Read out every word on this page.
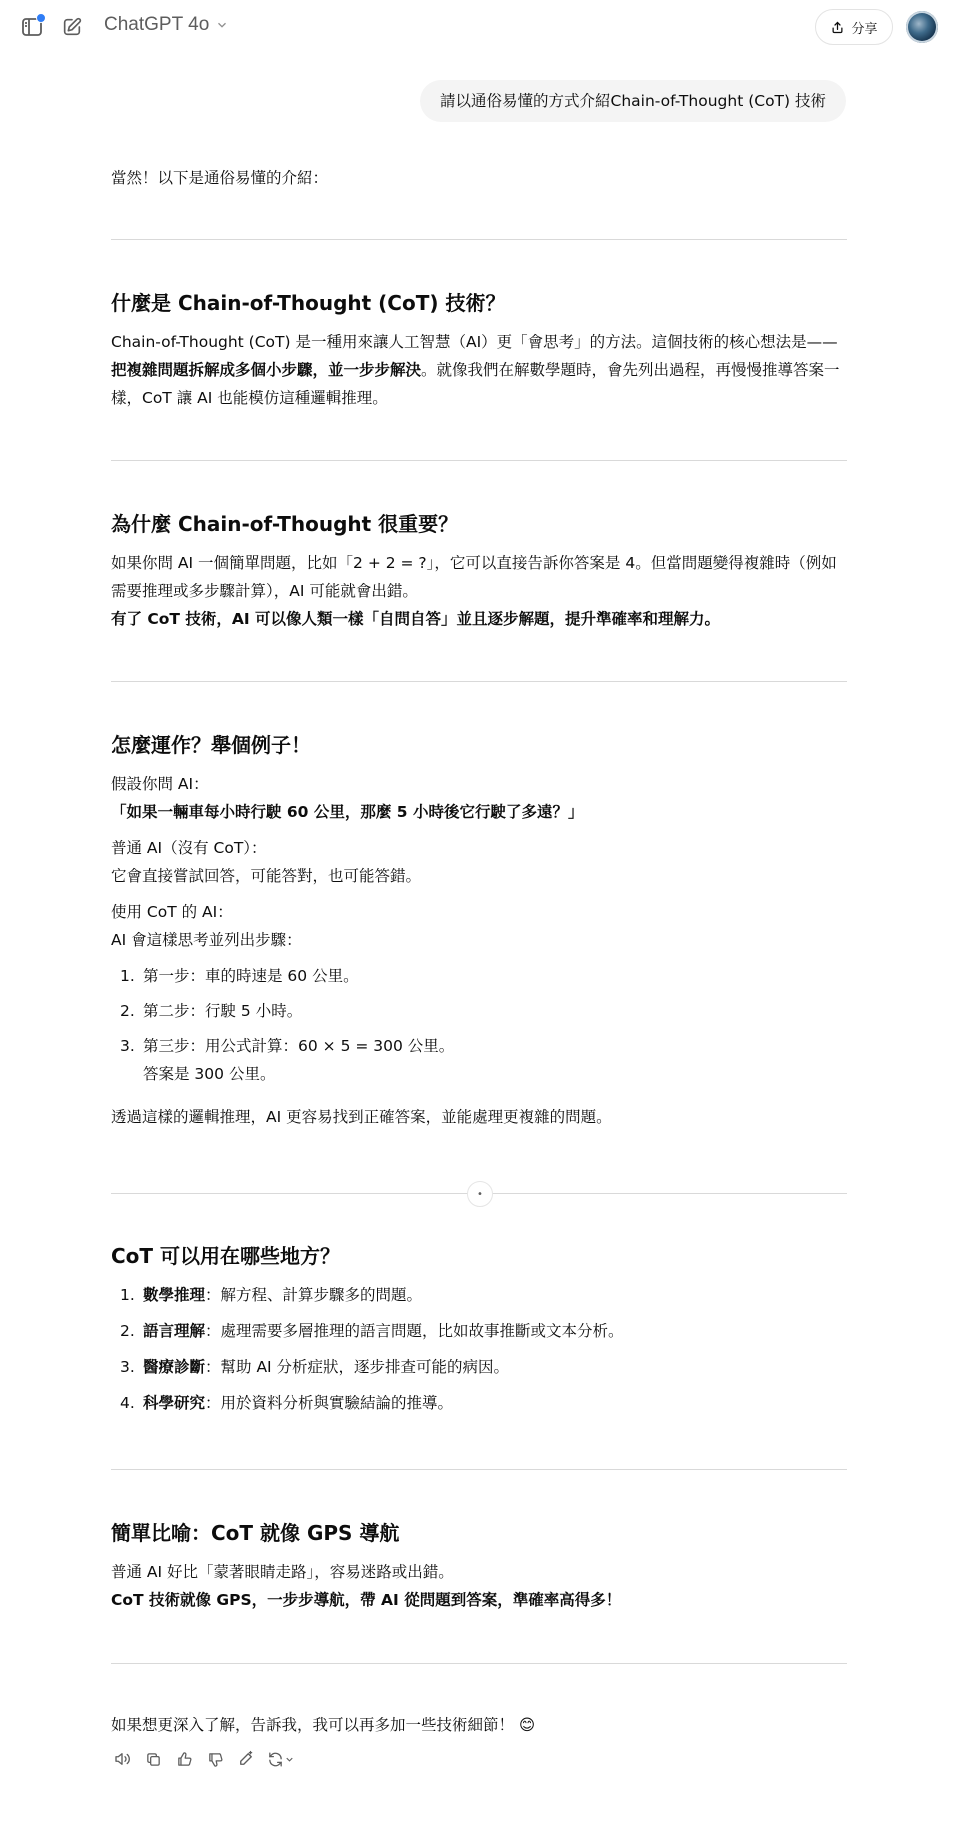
ChatGPT 4o	分享
請以通俗易懂的方式介紹Chain-of-Thought (CoT) 技術

當然！以下是通俗易懂的介紹：

什麼是 Chain-of-Thought (CoT) 技術？

Chain-of-Thought (CoT) 是一種用來讓人工智慧（AI）更「會思考」的方法。這個技術的核心想法是——把複雜問題拆解成多個小步驟，並一步步解決。就像我們在解數學題時，會先列出過程，再慢慢推導答案一樣，CoT 讓 AI 也能模仿這種邏輯推理。

為什麼 Chain-of-Thought 很重要？

如果你問 AI 一個簡單問題，比如「2 + 2 = ?」，它可以直接告訴你答案是 4。但當問題變得複雜時（例如需要推理或多步驟計算），AI 可能就會出錯。

有了 CoT 技術，AI 可以像人類一樣「自問自答」並且逐步解題，提升準確率和理解力。

怎麼運作？舉個例子！

假設你問 AI：

「如果一輛車每小時行駛 60 公里，那麼 5 小時後它行駛了多遠？」

普通 AI（沒有 CoT）：

它會直接嘗試回答，可能答對，也可能答錯。

使用 CoT 的 AI：

AI 會這樣思考並列出步驟：

1. 第一步：車的時速是 60 公里。
2. 第二步：行駛 5 小時。
3. 第三步：用公式計算：60 × 5 = 300 公里。
答案是 300 公里。

透過這樣的邏輯推理，AI 更容易找到正確答案，並能處理更複雜的問題。

•
CoT 可以用在哪些地方？
1. 數學推理：解方程、計算步驟多的問題。
2. 語言理解：處理需要多層推理的語言問題，比如故事推斷或文本分析。
3. 醫療診斷：幫助 AI 分析症狀，逐步排查可能的病因。
4. 科學研究：用於資料分析與實驗結論的推導。
簡單比喻：CoT 就像 GPS 導航

普通 AI 好比「蒙著眼睛走路」，容易迷路或出錯。

CoT 技術就像 GPS，一步步導航，帶 AI 從問題到答案，準確率高得多！

如果想更深入了解，告訴我，我可以再多加一些技術細節！ 😊
